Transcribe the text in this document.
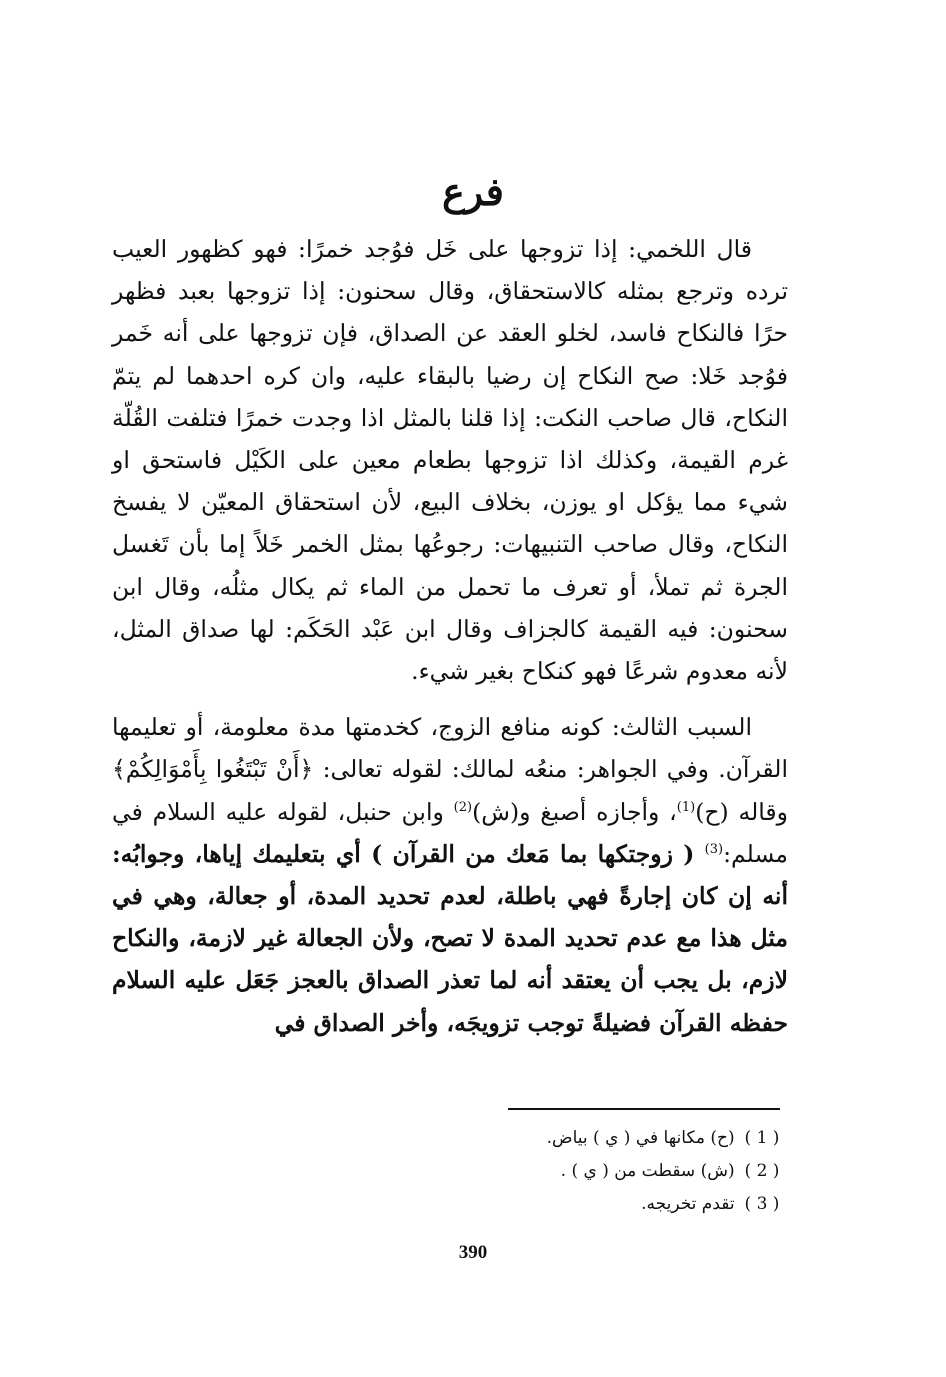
فرع

قال اللخمي: إذا تزوجها على خَل فوُجد خمرًا: فهو كظهور العيب ترده وترجع بمثله كالاستحقاق، وقال سحنون: إذا تزوجها بعبد فظهر حرًا فالنكاح فاسد، لخلو العقد عن الصداق، فإن تزوجها على أنه خَمر فوُجد خَلا: صح النكاح إن رضيا بالبقاء عليه، وان كره احدهما لم يتمّ النكاح، قال صاحب النكت: إذا قلنا بالمثل اذا وجدت خمرًا فتلفت القُلّة غرم القيمة، وكذلك اذا تزوجها بطعام معين على الكَيْل فاستحق او شيء مما يؤكل او يوزن، بخلاف البيع، لأن استحقاق المعيّن لا يفسخ النكاح، وقال صاحب التنبيهات: رجوعُها بمثل الخمر خَلاً إما بأن تَغسل الجرة ثم تملأ، أو تعرف ما تحمل من الماء ثم يكال مثلُه، وقال ابن سحنون: فيه القيمة كالجزاف وقال ابن عَبْد الحَكَم: لها صداق المثل، لأنه معدوم شرعًا فهو كنكاح بغير شيء.

السبب الثالث: كونه منافع الزوج، كخدمتها مدة معلومة، أو تعليمها القرآن. وفي الجواهر: منعُه لمالك: لقوله تعالى: ﴿أَنْ تَبْتَغُوا بِأَمْوَالِكُمْ﴾ وقاله (ح)$^{(1)}$، وأجازه أصبغ و(ش)$^{(2)}$ وابن حنبل، لقوله عليه السلام في مسلم:$^{(3)}$ ( زوجتكها بما مَعك من القرآن ) أي بتعليمك إياها، وجوابُه: أنه إن كان إجارةً فهي باطلة، لعدم تحديد المدة، أو جعالة، وهي في مثل هذا مع عدم تحديد المدة لا تصح، ولأن الجعالة غير لازمة، والنكاح لازم، بل يجب أن يعتقد أنه لما تعذر الصداق بالعجز جَعَل عليه السلام حفظه القرآن فضيلةً توجب تزويجَه، وأخر الصداق في

( 1 ) (ح) مكانها في ( ي ) بياض.
( 2 ) (ش) سقطت من ( ي ) .
( 3 ) تقدم تخريجه.
390
